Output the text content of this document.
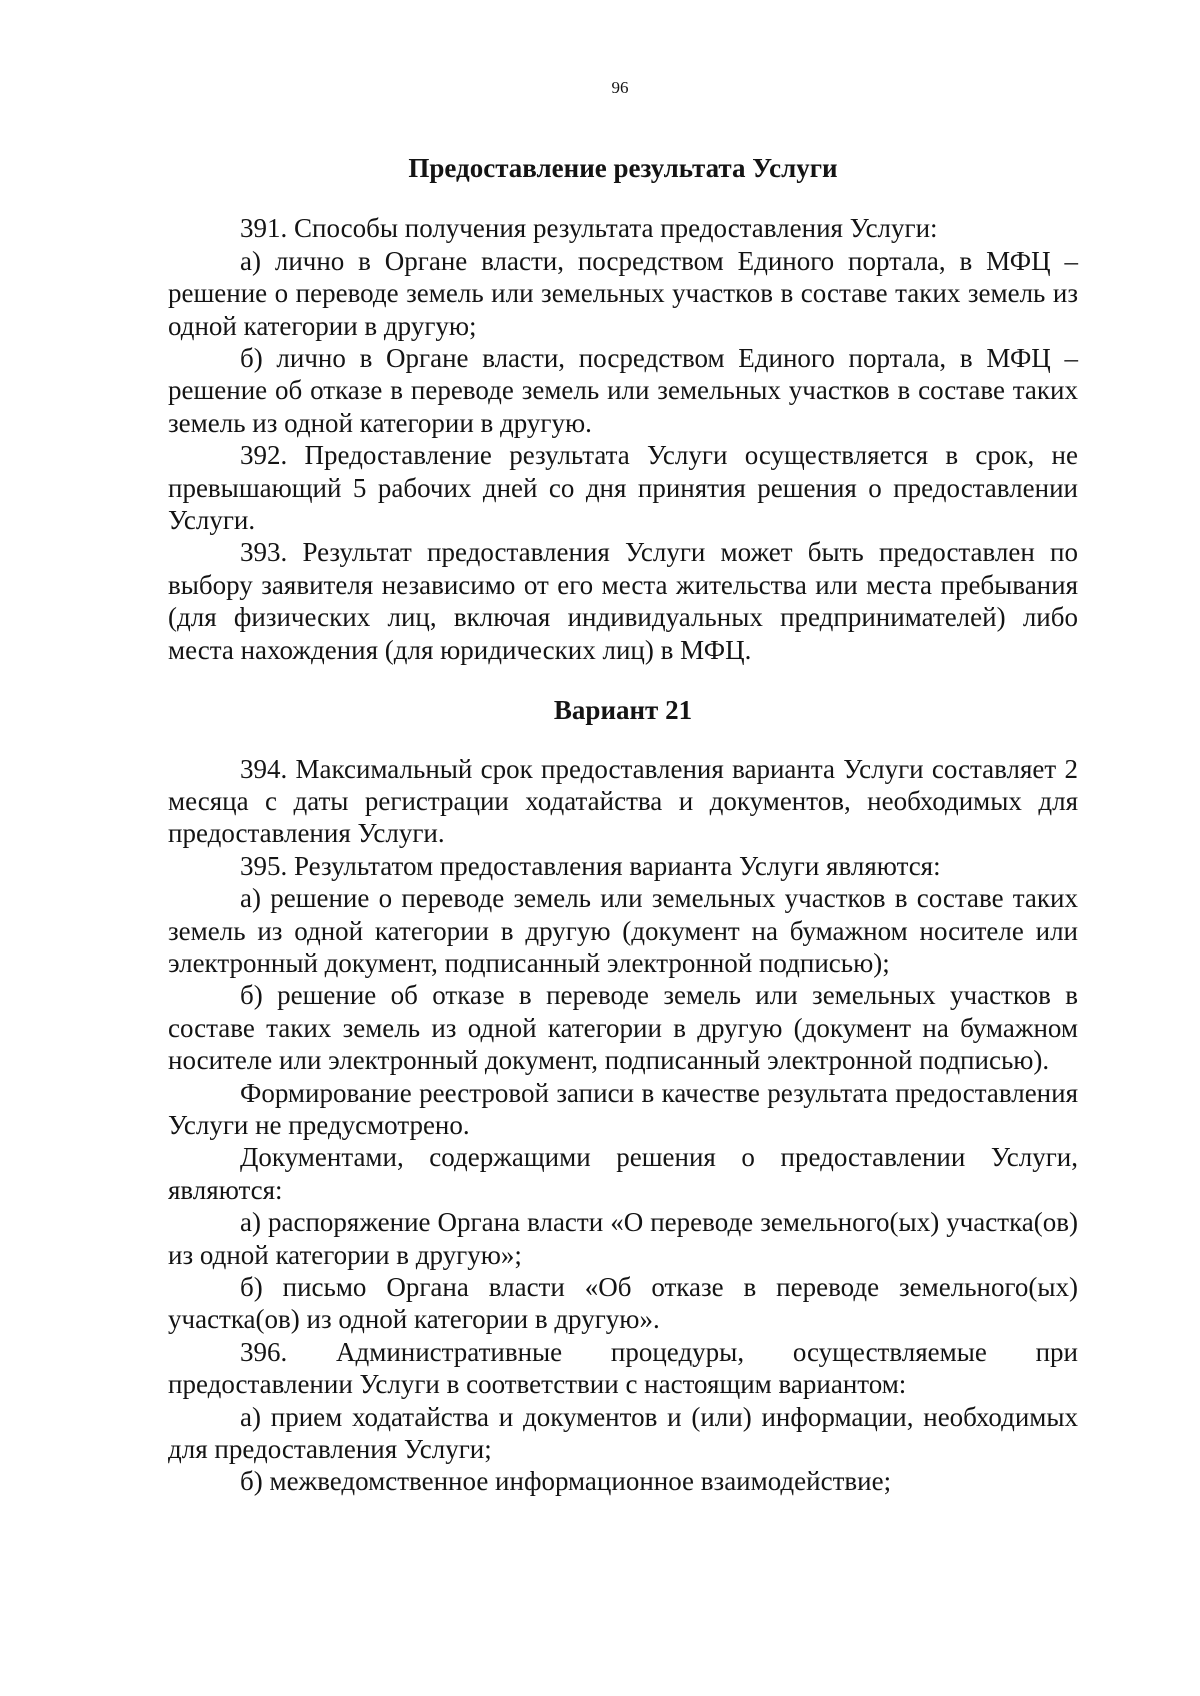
96

Предоставление результата Услуги

391. Способы получения результата предоставления Услуги:

а) лично в Органе власти, посредством Единого портала, в МФЦ – решение о переводе земель или земельных участков в составе таких земель из одной категории в другую;

б) лично в Органе власти, посредством Единого портала, в МФЦ – решение об отказе в переводе земель или земельных участков в составе таких земель из одной категории в другую.

392. Предоставление результата Услуги осуществляется в срок, не превышающий 5 рабочих дней со дня принятия решения о предоставлении Услуги.

393. Результат предоставления Услуги может быть предоставлен по выбору заявителя независимо от его места жительства или места пребывания (для физических лиц, включая индивидуальных предпринимателей) либо места нахождения (для юридических лиц) в МФЦ.

Вариант 21

394. Максимальный срок предоставления варианта Услуги составляет 2 месяца с даты регистрации ходатайства и документов, необходимых для предоставления Услуги.

395. Результатом предоставления варианта Услуги являются:

а) решение о переводе земель или земельных участков в составе таких земель из одной категории в другую (документ на бумажном носителе или электронный документ, подписанный электронной подписью);

б) решение об отказе в переводе земель или земельных участков в составе таких земель из одной категории в другую (документ на бумажном носителе или электронный документ, подписанный электронной подписью).

Формирование реестровой записи в качестве результата предоставления Услуги не предусмотрено.

Документами, содержащими решения о предоставлении Услуги, являются:

а) распоряжение Органа власти «О переводе земельного(ых) участка(ов) из одной категории в другую»;

б) письмо Органа власти «Об отказе в переводе земельного(ых) участка(ов) из одной категории в другую».

396. Административные процедуры, осуществляемые при предоставлении Услуги в соответствии с настоящим вариантом:

а) прием ходатайства и документов и (или) информации, необходимых для предоставления Услуги;

б) межведомственное информационное взаимодействие;
